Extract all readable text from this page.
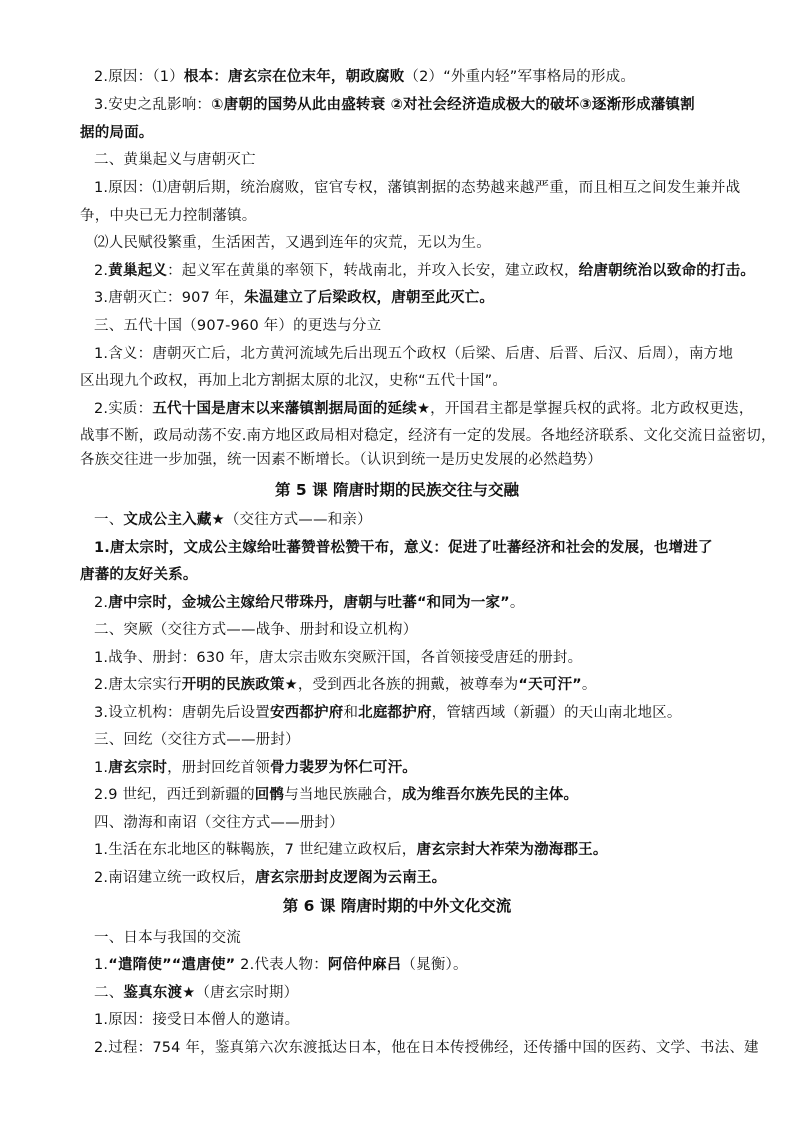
2.原因：（1）根本：唐玄宗在位末年，朝政腐败（2）“外重内轻”军事格局的形成。
3.安史之乱影响：①唐朝的国势从此由盛转衰 ②对社会经济造成极大的破坏③逐渐形成藩镇割
据的局面。
二、黄巢起义与唐朝灭亡
1.原因：⑴唐朝后期，统治腐败，宦官专权，藩镇割据的态势越来越严重，而且相互之间发生兼并战
争，中央已无力控制藩镇。
⑵人民赋役繁重，生活困苦，又遇到连年的灾荒，无以为生。
2.黄巢起义：起义军在黄巢的率领下，转战南北，并攻入长安，建立政权，给唐朝统治以致命的打击。
3.唐朝灭亡：907 年，朱温建立了后梁政权，唐朝至此灭亡。
三、五代十国（907-960 年）的更迭与分立
1.含义：唐朝灭亡后，北方黄河流域先后出现五个政权（后梁、后唐、后晋、后汉、后周），南方地
区出现九个政权，再加上北方割据太原的北汉，史称“五代十国”。
2.实质：五代十国是唐末以来藩镇割据局面的延续★，开国君主都是掌握兵权的武将。北方政权更迭，
战事不断，政局动荡不安.南方地区政局相对稳定，经济有一定的发展。各地经济联系、文化交流日益密切，
各族交往进一步加强，统一因素不断增长。（认识到统一是历史发展的必然趋势）
第 5 课 隋唐时期的民族交往与交融
一、文成公主入藏★（交往方式——和亲）
1.唐太宗时，文成公主嫁给吐蕃赞普松赞干布，意义：促进了吐蕃经济和社会的发展，也增进了
唐蕃的友好关系。
2.唐中宗时，金城公主嫁给尺带珠丹，唐朝与吐蕃“和同为一家”。
二、突厥（交往方式——战争、册封和设立机构）
1.战争、册封：630 年，唐太宗击败东突厥汗国，各首领接受唐廷的册封。
2.唐太宗实行开明的民族政策★，受到西北各族的拥戴，被尊奉为“天可汗”。
3.设立机构：唐朝先后设置安西都护府和北庭都护府，管辖西域（新疆）的天山南北地区。
三、回纥（交往方式——册封）
1.唐玄宗时，册封回纥首领骨力裴罗为怀仁可汗。
2.9 世纪，西迁到新疆的回鹘与当地民族融合，成为维吾尔族先民的主体。
四、渤海和南诏（交往方式——册封）
1.生活在东北地区的靺鞨族，7 世纪建立政权后，唐玄宗封大祚荣为渤海郡王。
2.南诏建立统一政权后，唐玄宗册封皮逻阁为云南王。
第 6 课 隋唐时期的中外文化交流
一、日本与我国的交流
1.“遣隋使”“遣唐使” 2.代表人物：阿倍仲麻吕（晁衡）。
二、鉴真东渡★（唐玄宗时期）
1.原因：接受日本僧人的邀请。
2.过程：754 年，鉴真第六次东渡抵达日本，他在日本传授佛经，还传播中国的医药、文学、书法、建
